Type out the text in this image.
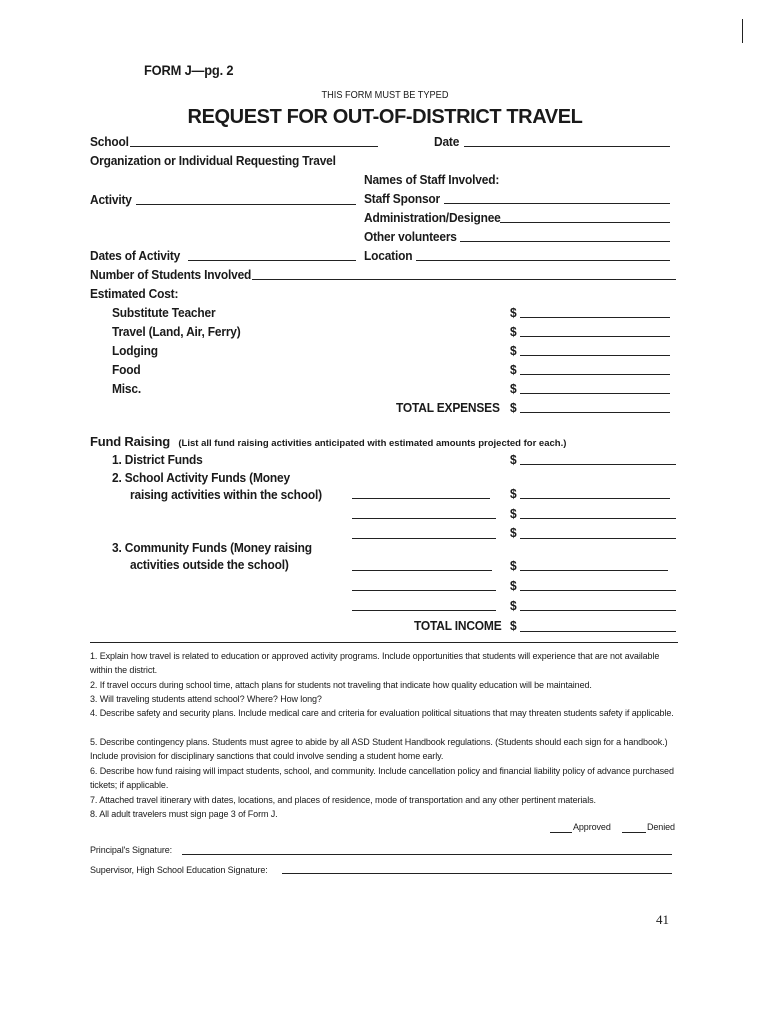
FORM J—pg. 2
THIS FORM MUST BE TYPED
REQUEST FOR OUT-OF-DISTRICT TRAVEL
School	Date
Organization or Individual Requesting Travel
Names of Staff Involved:
Activity	Staff Sponsor
Administration/Designee
Other volunteers
Dates of Activity	Location
Number of Students Involved
Estimated Cost:
Substitute Teacher	$
Travel (Land, Air, Ferry)	$
Lodging	$
Food	$
Misc.	$
TOTAL EXPENSES $
Fund Raising (List all fund raising activities anticipated with estimated amounts projected for each.)
1. District Funds	$
2. School Activity Funds (Money
raising activities within the school)	$
$
$
3. Community Funds (Money raising
activities outside the school)	$
$
$
TOTAL INCOME $
1. Explain how travel is related to education or approved activity programs. Include opportunities that students will experience that are not available within the district.
2. If travel occurs during school time, attach plans for students not traveling that indicate how quality education will be maintained.
3. Will traveling students attend school? Where? How long?
4. Describe safety and security plans. Include medical care and criteria for evaluation political situations that may threaten students safety if applicable.
5. Describe contingency plans. Students must agree to abide by all ASD Student Handbook regulations. (Students should each sign for a handbook.) Include provision for disciplinary sanctions that could involve sending a student home early.
6. Describe how fund raising will impact students, school, and community. Include cancellation policy and financial liability policy of advance purchased tickets; if applicable.
7. Attached travel itinerary with dates, locations, and places of residence, mode of transportation and any other pertinent materials.
8. All adult travelers must sign page 3 of Form J.
Approved	Denied
Principal's Signature:
Supervisor, High School Education Signature:
41
